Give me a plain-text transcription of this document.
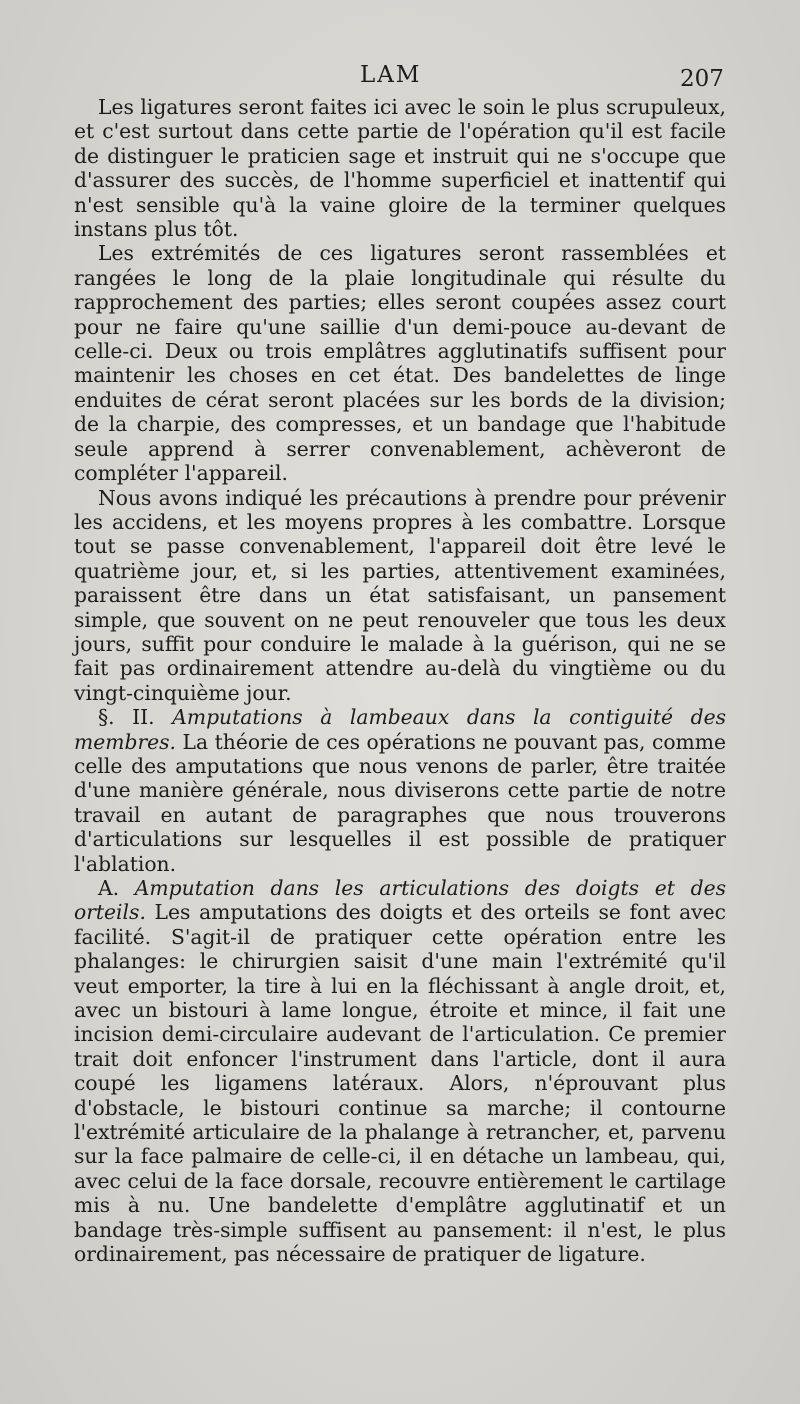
LAM	207

Les ligatures seront faites ici avec le soin le plus scrupuleux, et c'est surtout dans cette partie de l'opération qu'il est facile de distinguer le praticien sage et instruit qui ne s'occupe que d'assurer des succès, de l'homme superficiel et inattentif qui n'est sensible qu'à la vaine gloire de la terminer quelques instans plus tôt.

Les extrémités de ces ligatures seront rassemblées et rangées le long de la plaie longitudinale qui résulte du rapprochement des parties; elles seront coupées assez court pour ne faire qu'une saillie d'un demi-pouce au-devant de celle-ci. Deux ou trois emplâtres agglutinatifs suffisent pour maintenir les choses en cet état. Des bandelettes de linge enduites de cérat seront placées sur les bords de la division; de la charpie, des compresses, et un bandage que l'habitude seule apprend à serrer convenablement, achèveront de compléter l'appareil.

Nous avons indiqué les précautions à prendre pour prévenir les accidens, et les moyens propres à les combattre. Lorsque tout se passe convenablement, l'appareil doit être levé le quatrième jour, et, si les parties, attentivement examinées, paraissent être dans un état satisfaisant, un pansement simple, que souvent on ne peut renouveler que tous les deux jours, suffit pour conduire le malade à la guérison, qui ne se fait pas ordinairement attendre au-delà du vingtième ou du vingt-cinquième jour.

§. II. Amputations à lambeaux dans la contiguité des membres. La théorie de ces opérations ne pouvant pas, comme celle des amputations que nous venons de parler, être traitée d'une manière générale, nous diviserons cette partie de notre travail en autant de paragraphes que nous trouverons d'articulations sur lesquelles il est possible de pratiquer l'ablation.

A. Amputation dans les articulations des doigts et des orteils. Les amputations des doigts et des orteils se font avec facilité. S'agit-il de pratiquer cette opération entre les phalanges: le chirurgien saisit d'une main l'extrémité qu'il veut emporter, la tire à lui en la fléchissant à angle droit, et, avec un bistouri à lame longue, étroite et mince, il fait une incision demi-circulaire audevant de l'articulation. Ce premier trait doit enfoncer l'instrument dans l'article, dont il aura coupé les ligamens latéraux. Alors, n'éprouvant plus d'obstacle, le bistouri continue sa marche; il contourne l'extrémité articulaire de la phalange à retrancher, et, parvenu sur la face palmaire de celle-ci, il en détache un lambeau, qui, avec celui de la face dorsale, recouvre entièrement le cartilage mis à nu. Une bandelette d'emplâtre agglutinatif et un bandage très-simple suffisent au pansement: il n'est, le plus ordinairement, pas nécessaire de pratiquer de ligature.
